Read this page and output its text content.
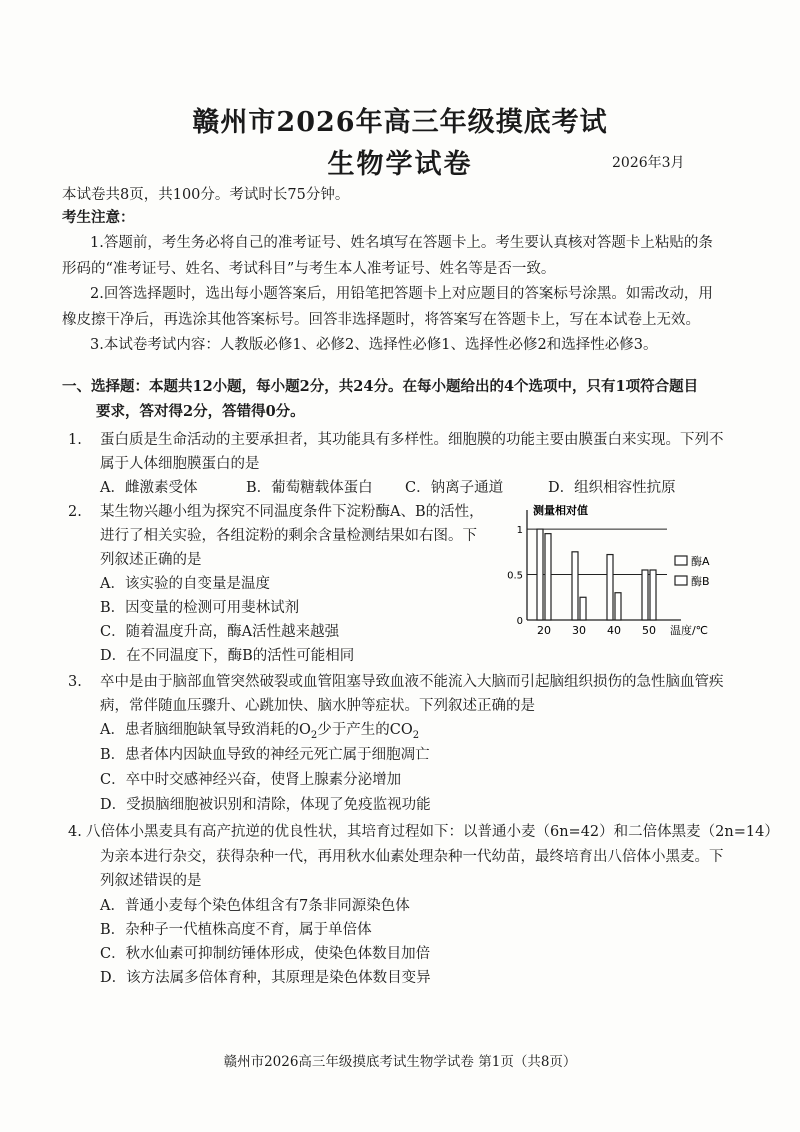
赣州市2026年高三年级摸底考试
生物学试卷	2026年3月
本试卷共8页，共100分。考试时长75分钟。
考生注意：
1.答题前，考生务必将自己的准考证号、姓名填写在答题卡上。考生要认真核对答题卡上粘贴的条
形码的“准考证号、姓名、考试科目”与考生本人准考证号、姓名等是否一致。
2.回答选择题时，选出每小题答案后，用铅笔把答题卡上对应题目的答案标号涂黑。如需改动，用
橡皮擦干净后，再选涂其他答案标号。回答非选择题时，将答案写在答题卡上，写在本试卷上无效。
3.本试卷考试内容：人教版必修1、必修2、选择性必修1、选择性必修2和选择性必修3。
一、选择题：本题共12小题，每小题2分，共24分。在每小题给出的4个选项中，只有1项符合题目
要求，答对得2分，答错得0分。
1. 蛋白质是生命活动的主要承担者，其功能具有多样性。细胞膜的功能主要由膜蛋白来实现。下列不
属于人体细胞膜蛋白的是
A．雌激素受体	B．葡萄糖载体蛋白 C．钠离子通道	D．组织相容性抗原
2. 某生物兴趣小组为探究不同温度条件下淀粉酶A、B的活性，
进行了相关实验，各组淀粉的剩余含量检测结果如右图。下
列叙述正确的是
A．该实验的自变量是温度
B．因变量的检测可用斐林试剂
C．随着温度升高，酶A活性越来越强
D．在不同温度下，酶B的活性可能相同
0
0.5
1
测量相对值
20 30 40 50 温度/℃
酶A
酶B
3. 卒中是由于脑部血管突然破裂或血管阻塞导致血液不能流入大脑而引起脑组织损伤的急性脑血管疾
病，常伴随血压骤升、心跳加快、脑水肿等症状。下列叙述正确的是
A．患者脑细胞缺氧导致消耗的$O_2$少于产生的$CO_2$
B．患者体内因缺血导致的神经元死亡属于细胞凋亡
C．卒中时交感神经兴奋，使肾上腺素分泌增加
D．受损脑细胞被识别和清除，体现了免疫监视功能
4. 八倍体小黑麦具有高产抗逆的优良性状，其培育过程如下：以普通小麦（6n=42）和二倍体黑麦（2n=14）
为亲本进行杂交，获得杂种一代，再用秋水仙素处理杂种一代幼苗，最终培育出八倍体小黑麦。下
列叙述错误的是
A．普通小麦每个染色体组含有7条非同源染色体
B．杂种子一代植株高度不育，属于单倍体
C．秋水仙素可抑制纺锤体形成，使染色体数目加倍
D．该方法属多倍体育种，其原理是染色体数目变异
赣州市2026高三年级摸底考试生物学试卷 第1页（共8页）
